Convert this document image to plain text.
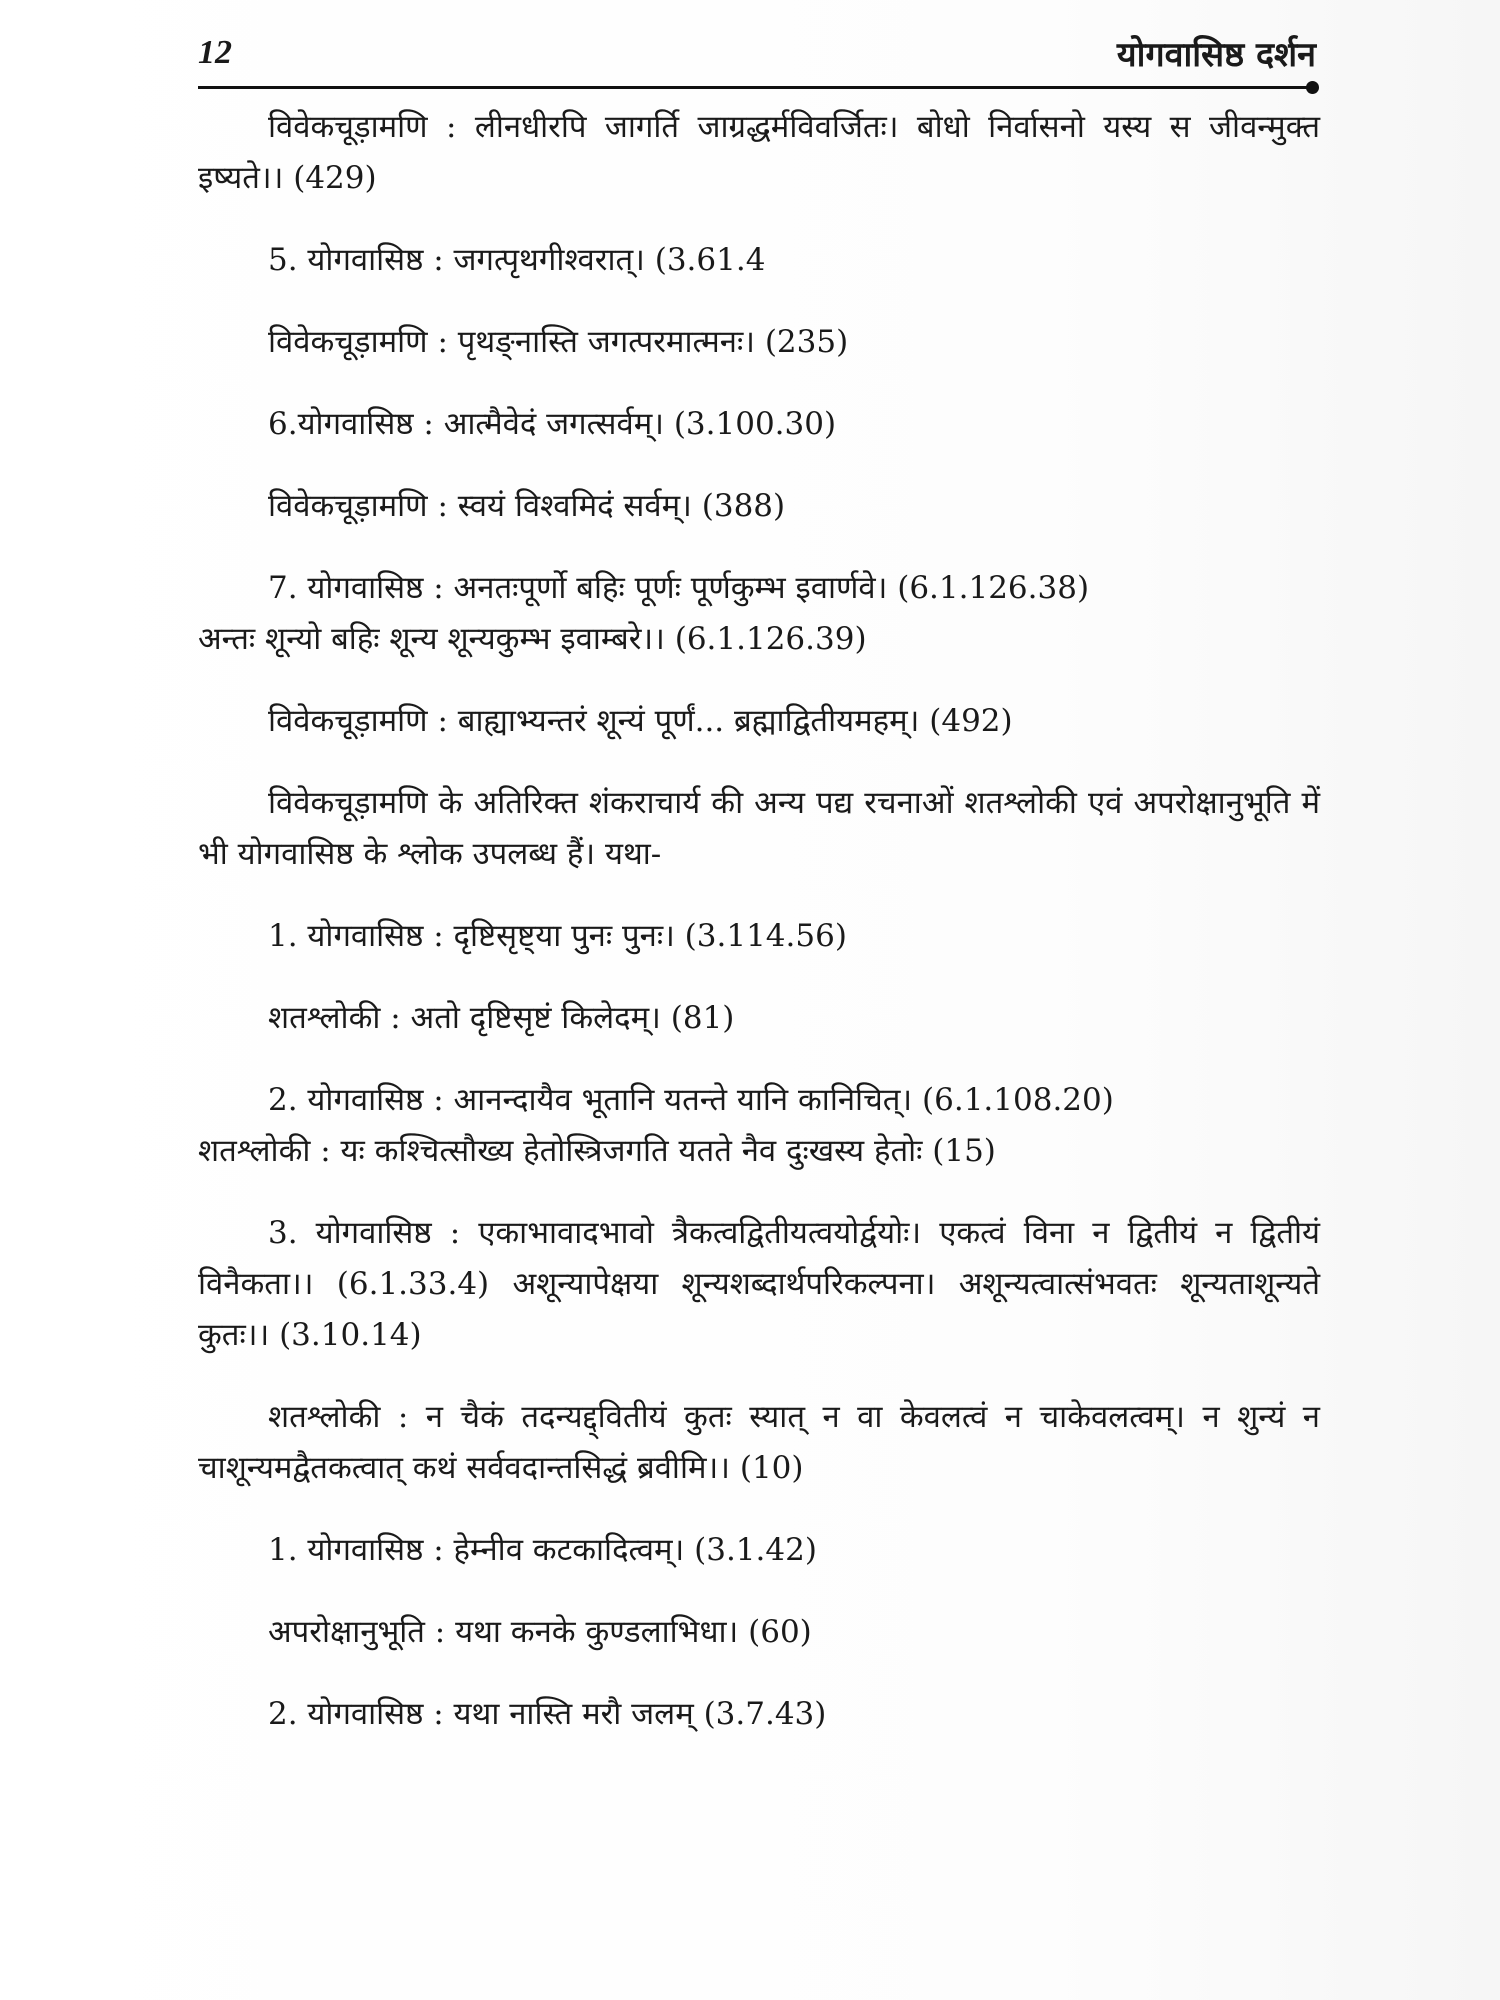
12	योगवासिष्ठ दर्शन

विवेकचूड़ामणि : लीनधीरपि जागर्ति जाग्रद्धर्मविवर्जितः। बोधो निर्वासनो यस्य स जीवन्मुक्त इष्यते।। (429)

5. योगवासिष्ठ : जगत्पृथगीश्वरात्। (3.61.4

विवेकचूड़ामणि : पृथङ्नास्ति जगत्परमात्मनः। (235)

6.योगवासिष्ठ : आत्मैवेदं जगत्सर्वम्। (3.100.30)

विवेकचूड़ामणि : स्वयं विश्वमिदं सर्वम्। (388)

7. योगवासिष्ठ : अनतःपूर्णो बहिः पूर्णः पूर्णकुम्भ इवार्णवे। (6.1.126.38)

अन्तः शून्यो बहिः शून्य शून्यकुम्भ इवाम्बरे।। (6.1.126.39)

विवेकचूड़ामणि : बाह्याभ्यन्तरं शून्यं पूर्णं... ब्रह्माद्वितीयमहम्। (492)

विवेकचूड़ामणि के अतिरिक्त शंकराचार्य की अन्य पद्य रचनाओं शतश्लोकी एवं अपरोक्षानुभूति में भी योगवासिष्ठ के श्लोक उपलब्ध हैं। यथा-

1. योगवासिष्ठ : दृष्टिसृष्ट्या पुनः पुनः। (3.114.56)

शतश्लोकी : अतो दृष्टिसृष्टं किलेदम्। (81)

2. योगवासिष्ठ : आनन्दायैव भूतानि यतन्ते यानि कानिचित्। (6.1.108.20)

शतश्लोकी : यः कश्चित्सौख्य हेतोस्त्रिजगति यतते नैव दुःखस्य हेतोः (15)

3. योगवासिष्ठ : एकाभावादभावो त्रैकत्वद्वितीयत्वयोर्द्वयोः। एकत्वं विना न द्वितीयं न द्वितीयं विनैकता।। (6.1.33.4) अशून्यापेक्षया शून्यशब्दार्थपरिकल्पना। अशून्यत्वात्संभवतः शून्यताशून्यते कुतः।। (3.10.14)

शतश्लोकी : न चैकं तदन्यद्द्वितीयं कुतः स्यात् न वा केवलत्वं न चाकेवलत्वम्। न शुन्यं न चाशून्यमद्वैतकत्वात् कथं सर्ववदान्तसिद्धं ब्रवीमि।। (10)

1. योगवासिष्ठ : हेम्नीव कटकादित्वम्। (3.1.42)

अपरोक्षानुभूति : यथा कनके कुण्डलाभिधा। (60)

2. योगवासिष्ठ : यथा नास्ति मरौ जलम् (3.7.43)
